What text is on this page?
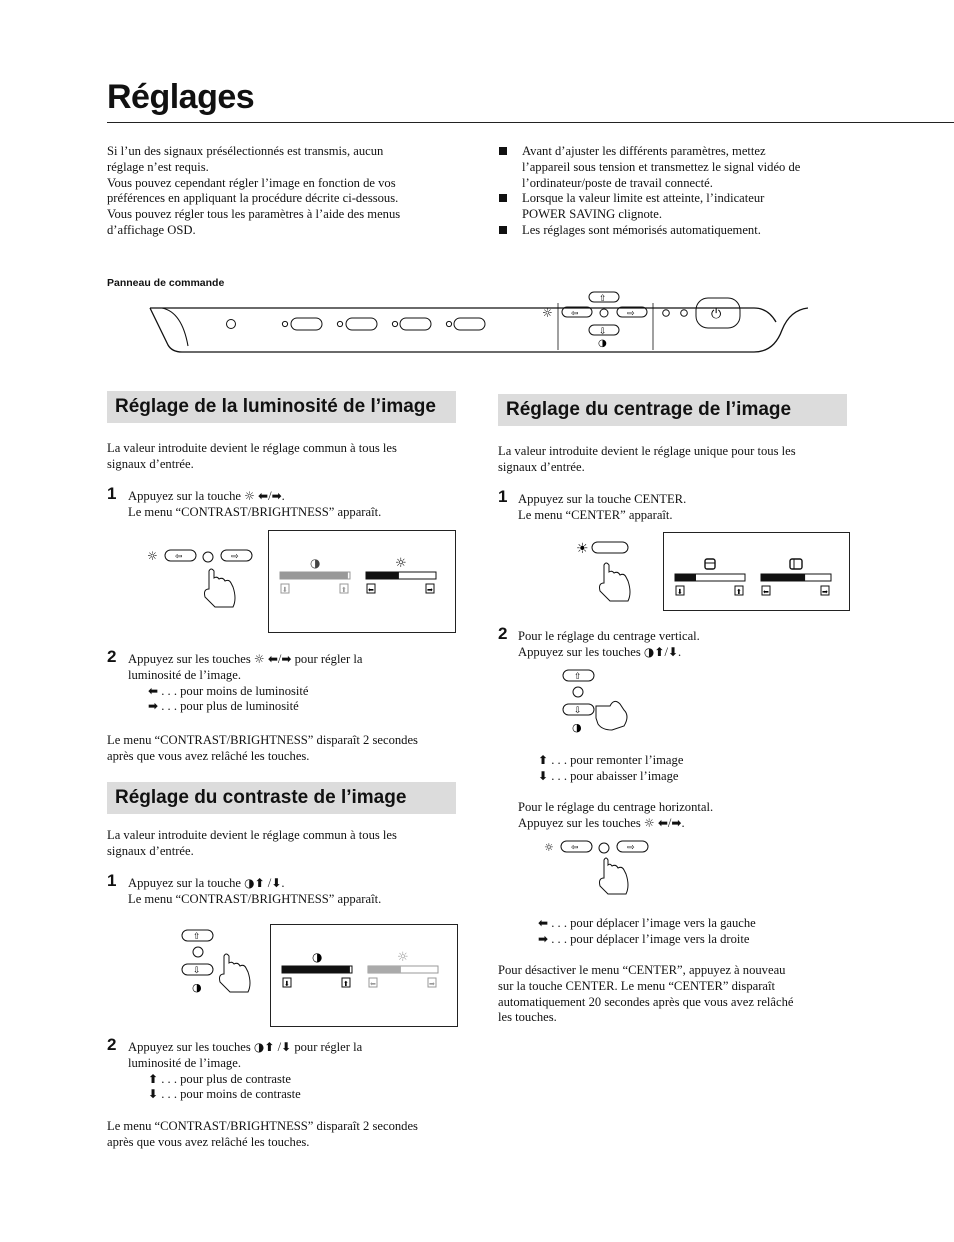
Réglages
Si l’un des signaux présélectionnés est transmis, aucun
réglage n’est requis.
Vous pouvez cependant régler l’image en fonction de vos
préférences en appliquant la procédure décrite ci-dessous.
Vous pouvez régler tous les paramètres à l’aide des menus
d’affichage OSD.
Avant d’ajuster les différents paramètres, mettez
l’appareil sous tension et transmettez le signal vidéo de
l’ordinateur/poste de travail connecté.
Lorsque la valeur limite est atteinte, l’indicateur
POWER SAVING clignote.
Les réglages sont mémorisés automatiquement.
Panneau de commande
☼
⇧
⇦	⇨
⇩
◑
⏻
Réglage de la luminosité de l’image
La valeur introduite devient le réglage commun à tous les
signaux d’entrée.
1 Appuyez sur la touche ☼ ⬅/➡.
Le menu “CONTRAST/BRIGHTNESS” apparaît.
☼ ⇦	⇨	◑	☼
⬇	⬆	⬅	➡
2 Appuyez sur les touches ☼ ⬅/➡ pour régler la
luminosité de l’image.
⬅ . . . pour moins de luminosité
➡ . . . pour plus de luminosité
Le menu “CONTRAST/BRIGHTNESS” disparaît 2 secondes
après que vous avez relâché les touches.
Réglage du contraste de l’image
La valeur introduite devient le réglage commun à tous les
signaux d’entrée.
1 Appuyez sur la touche ◑⬆ /⬇.
Le menu “CONTRAST/BRIGHTNESS” apparaît.
⇧
⇩
◑
◑	☼
⬇	⬆	⬅	➡
2 Appuyez sur les touches ◑⬆ /⬇ pour régler la
luminosité de l’image.
⬆ . . . pour plus de contraste
⬇ . . . pour moins de contraste
Le menu “CONTRAST/BRIGHTNESS” disparaît 2 secondes
après que vous avez relâché les touches.
Réglage du centrage de l’image
La valeur introduite devient le réglage unique pour tous les
signaux d’entrée.
1 Appuyez sur la touche CENTER.
Le menu “CENTER” apparaît.
☀
⬇	⬆	⬅	➡
2 Pour le réglage du centrage vertical.
Appuyez sur les touches ◑⬆/⬇.
⇧
⇩
◑
⬆ . . . pour remonter l’image
⬇ . . . pour abaisser l’image
Pour le réglage du centrage horizontal.
Appuyez sur les touches ☼ ⬅/➡.
☼ ⇦	⇨
⬅ . . . pour déplacer l’image vers la gauche
➡ . . . pour déplacer l’image vers la droite
Pour désactiver le menu “CENTER”, appuyez à nouveau
sur la touche CENTER. Le menu “CENTER” disparaît
automatiquement 20 secondes après que vous avez relâché
les touches.
